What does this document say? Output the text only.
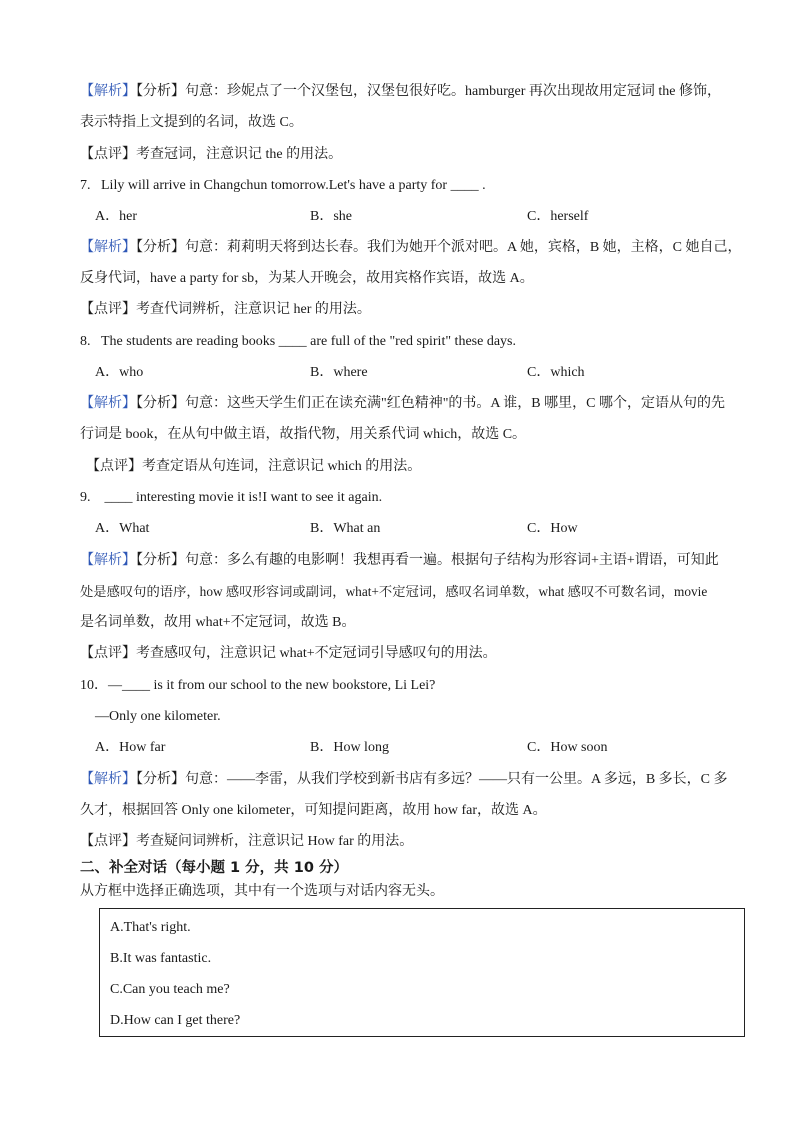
【解析】【分析】句意：珍妮点了一个汉堡包，汉堡包很好吃。hamburger 再次出现故用定冠词 the 修饰，
表示特指上文提到的名词，故选 C。
【点评】考查冠词，注意识记 the 的用法。
7. Lily will arrive in Changchun tomorrow.Let's have a party for ____ .
A．her	B．she	C．herself
【解析】【分析】句意：莉莉明天将到达长春。我们为她开个派对吧。A 她，宾格，B 她，主格，C 她自己，
反身代词，have a party for sb，为某人开晚会，故用宾格作宾语，故选 A。
【点评】考查代词辨析，注意识记 her 的用法。
8. The students are reading books ____ are full of the "red spirit" these days.
A．who	B．where	C．which
【解析】【分析】句意：这些天学生们正在读充满"红色精神"的书。A 谁，B 哪里，C 哪个，定语从句的先
行词是 book，在从句中做主语，故指代物，用关系代词 which，故选 C。
【点评】考查定语从句连词，注意识记 which 的用法。
9. ____ interesting movie it is!I want to see it again.
A．What	B．What an	C．How
【解析】【分析】句意：多么有趣的电影啊！我想再看一遍。根据句子结构为形容词+主语+谓语，可知此
处是感叹句的语序，how 感叹形容词或副词，what+不定冠词，感叹名词单数，what 感叹不可数名词，movie
是名词单数，故用 what+不定冠词，故选 B。
【点评】考查感叹句，注意识记 what+不定冠词引导感叹句的用法。
10．—____ is it from our school to the new bookstore, Li Lei?
—Only one kilometer.
A．How far	B．How long	C．How soon
【解析】【分析】句意：——李雷，从我们学校到新书店有多远？——只有一公里。A 多远，B 多长，C 多
久才，根据回答 Only one kilometer，可知提问距离，故用 how far，故选 A。
【点评】考查疑问词辨析，注意识记 How far 的用法。
二、补全对话（每小题 1 分，共 10 分）
从方框中选择正确选项，其中有一个选项与对话内容无头。
A.That's right.
B.It was fantastic.
C.Can you teach me?
D.How can I get there?
